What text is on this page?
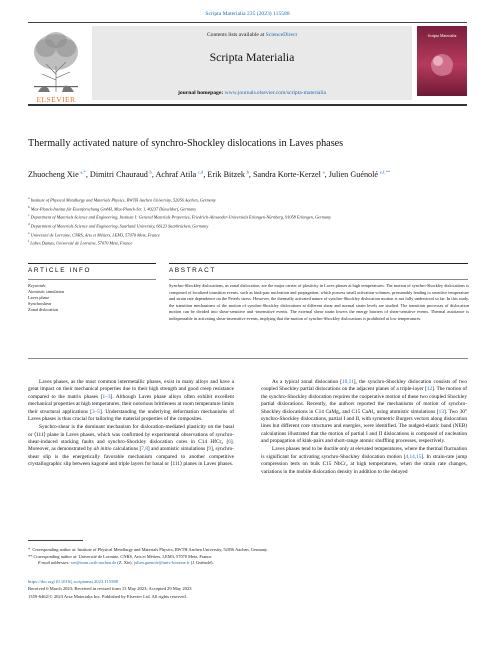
Scripta Materialia 235 (2023) 115588
ELSEVIER
Contents lists available at ScienceDirect
Scripta Materialia
journal homepage: www.journals.elsevier.com/scripta-materialia
Scripta Materialia
Thermally activated nature of synchro-Shockley dislocations in Laves phases
Zhuocheng Xie  $^{a,*}$, Dimitri Chauraud  $^b$, Achraf Atila  $^{c,d}$, Erik Bitzek  $^b$, Sandra Korte-Kerzel  $^a$, Julien Guénolé  $^{e,f,**}$
$^a$ Institute of Physical Metallurgy and Materials Physics, RWTH Aachen University, 52056 Aachen, Germany
$^b$ Max-Planck-Institut für Eisenforschung GmbH, Max-Planck-Str. 1, 40237 Düsseldorf, Germany
$^c$ Department of Materials Science and Engineering, Institute I: General Materials Properties, Friedrich-Alexander-Universität Erlangen-Nürnberg, 91058 Erlangen, Germany
$^d$ Department of Materials Science and Engineering, Saarland University, 66123 Saarbrücken, Germany
$^e$ Université de Lorraine, CNRS, Arts et Métiers, LEM3, 57070 Metz, France
$^f$ Labex Damas, Université de Lorraine, 57070 Metz, France
ARTICLE INFO	ABSTRACT
Keywords:
Atomistic simulation
Laves phase
Synchroshear
Zonal dislocation
Synchro-Shockley dislocations, as zonal dislocation, are the major carrier of plasticity in Laves phases at high temperatures. The motion of synchro-Shockley dislocations is composed of localized transition events, such as kink-pair nucleation and propagation, which possess small activation volumes, presumably leading to sensitive temperature and strain rate dependence on the Peierls stress. However, the thermally activated nature of synchro-Shockley dislocation motion is not fully understood so far. In this study, the transition mechanisms of the motion of synchro-Shockley dislocations at different shear and normal strain levels are studied. The transition processes of dislocation motion can be divided into shear-sensitive and -insensitive events. The external shear strain lowers the energy barriers of shear-sensitive events. Thermal assistance is indispensable in activating shear-insensitive events, implying that the motion of synchro-Shockley dislocations is prohibited at low temperatures.

Laves phases, as the most common intermetallic phases, exist in many alloys and have a great impact on their mechanical properties due to their high strength and good creep resistance compared to the matrix phases [1–3]. Although Laves phase alloys often exhibit excellent mechanical properties at high temperatures, their notorious brittleness at room temperature limits their structural applications [3–5]. Understanding the underlying deformation mechanisms of Laves phases is thus crucial for tailoring the material properties of the composites.

Synchro-shear is the dominant mechanism for dislocation-mediated plasticity on the basal or ⟨111⟩ plane in Laves phases, which was confirmed by experimental observations of synchro-shear-induced stacking faults and synchro-Shockley dislocation cores in C14 HfCr₂ [6]. Moreover, as demonstrated by ab initio calculations [7,8] and atomistic simulations [9], synchro-shear slip is the energetically favorable mechanism compared to another competitive crystallographic slip between kagomé and triple layers for basal or ⟨111⟩ planes in Laves phases.

As a typical zonal dislocation [10,11], the synchro-Shockley dislocation consists of two coupled Shockley partial dislocations on the adjacent planes of a triple-layer [12]. The motion of the synchro-Shockley dislocation requires the cooperative motion of these two coupled Shockley partial dislocations. Recently, the authors reported the mechanisms of motion of synchro-Shockley dislocations in C14 CaMg₂ and C15 CaAl₂ using atomistic simulations [13]. Two 30° synchro-Shockley dislocations, partial I and II, with symmetric Burgers vectors along dislocation lines but different core structures and energies, were identified. The nudged-elastic band (NEB) calculations illustrated that the motion of partial I and II dislocations is composed of nucleation and propagation of kink-pairs and short-range atomic shuffling processes, respectively.

Laves phases tend to be ductile only at elevated temperatures, where the thermal fluctuation is significant for activating synchro-Shockley dislocation motion [4,14,15]. In strain-rate jump compression tests on bulk C15 NbCr₂ at high temperatures, when the strain rate changes, variations in the mobile dislocation density in addition to the delayed

*  Corresponding author at: Institute of Physical Metallurgy and Materials Physics, RWTH Aachen University, 52056 Aachen, Germany.
** Corresponding author at: Université de Lorraine, CNRS, Arts et Métiers, LEM3, 57070 Metz, France.
E-mail addresses: xie@imm.rwth-aachen.de (Z. Xie), julien.guenole@univ-lorraine.fr (J. Guénolé).
https://doi.org/10.1016/j.scriptamat.2023.115588
Received 6 March 2023; Received in revised form 13 May 2023; Accepted 29 May 2023
1359-6462/© 2023 Acta Materialia Inc. Published by Elsevier Ltd. All rights reserved.
